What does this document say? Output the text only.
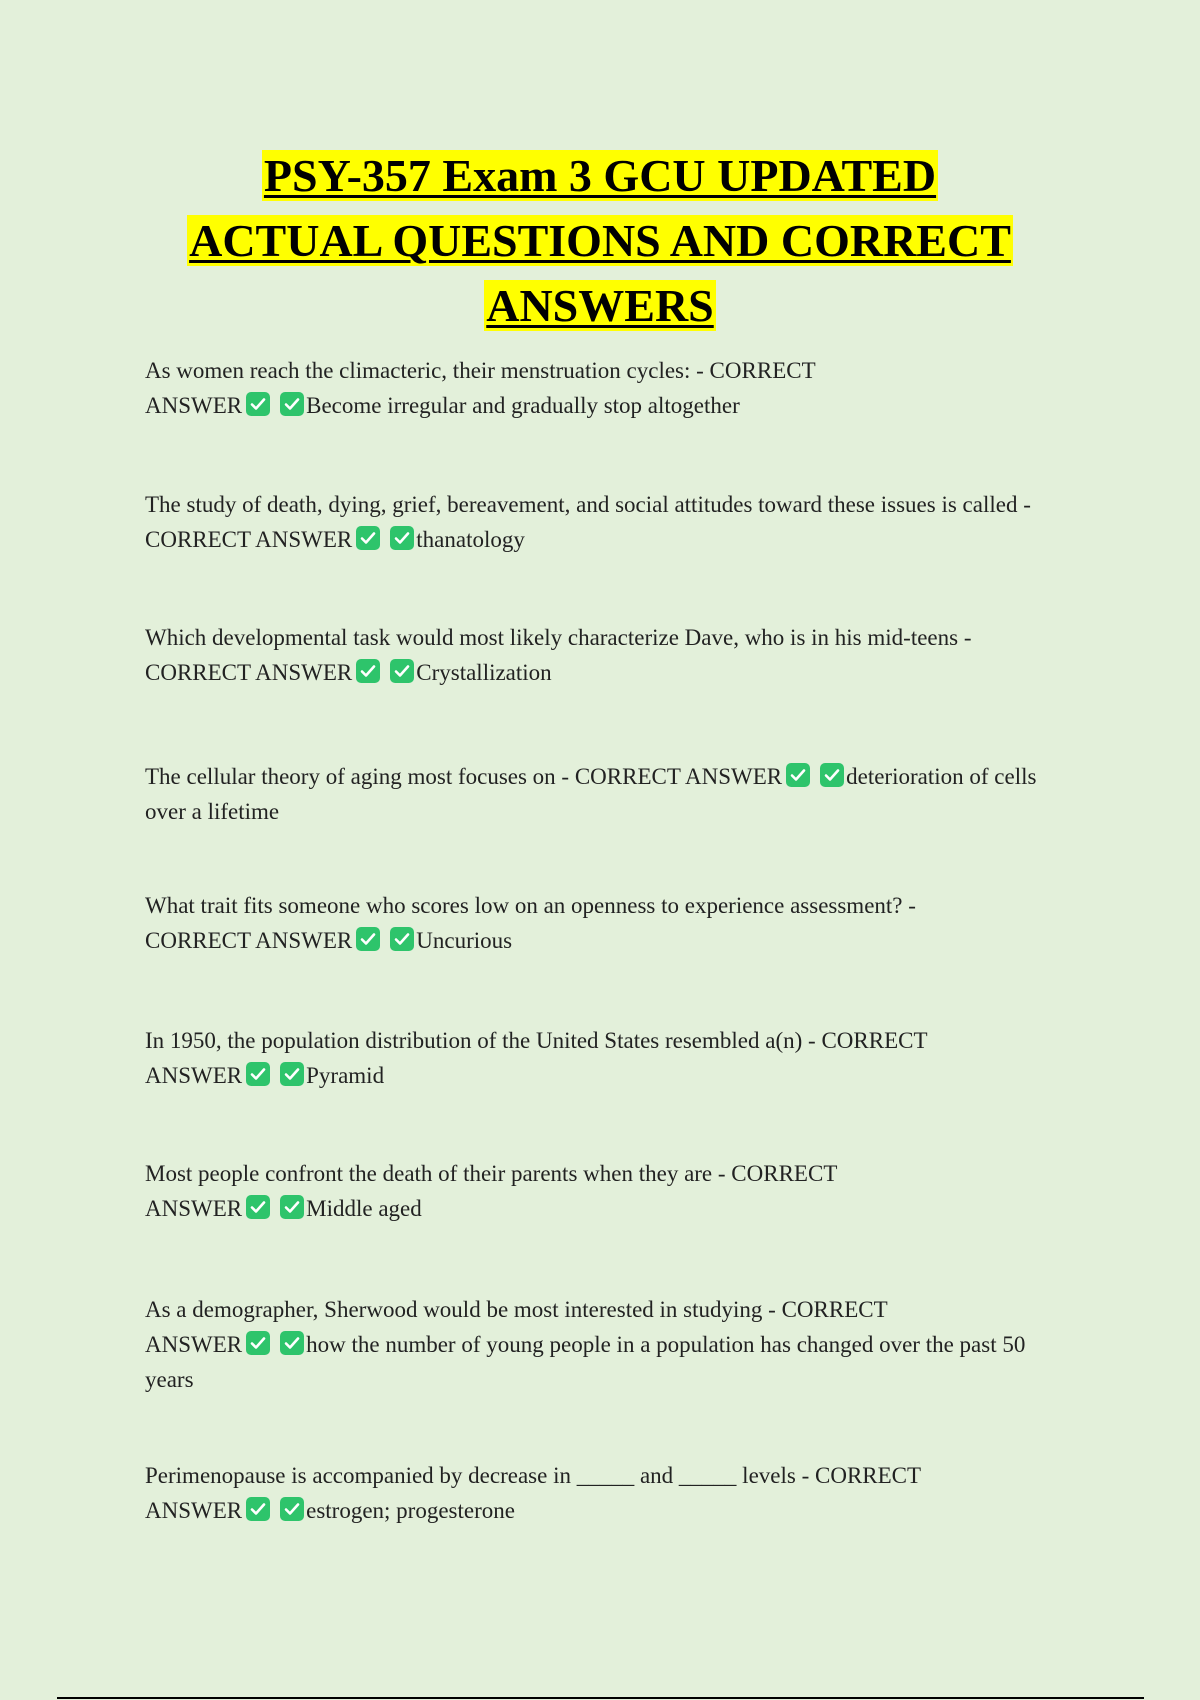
PSY-357 Exam 3 GCU UPDATED
ACTUAL QUESTIONS AND CORRECT
ANSWERS

As women reach the climacteric, their menstruation cycles: - CORRECT
ANSWER	Become irregular and gradually stop altogether

The study of death, dying, grief, bereavement, and social attitudes toward these issues is called - CORRECT ANSWER	thanatology

Which developmental task would most likely characterize Dave, who is in his mid-teens -
CORRECT ANSWER	Crystallization

The cellular theory of aging most focuses on - CORRECT ANSWER	deterioration of cells over a lifetime

What trait fits someone who scores low on an openness to experience assessment? -
CORRECT ANSWER	Uncurious

In 1950, the population distribution of the United States resembled a(n) - CORRECT
ANSWER	Pyramid

Most people confront the death of their parents when they are - CORRECT
ANSWER	Middle aged

As a demographer, Sherwood would be most interested in studying - CORRECT
ANSWER	how the number of young people in a population has changed over the past 50 years

Perimenopause is accompanied by decrease in _____ and _____ levels - CORRECT
ANSWER	estrogen; progesterone
